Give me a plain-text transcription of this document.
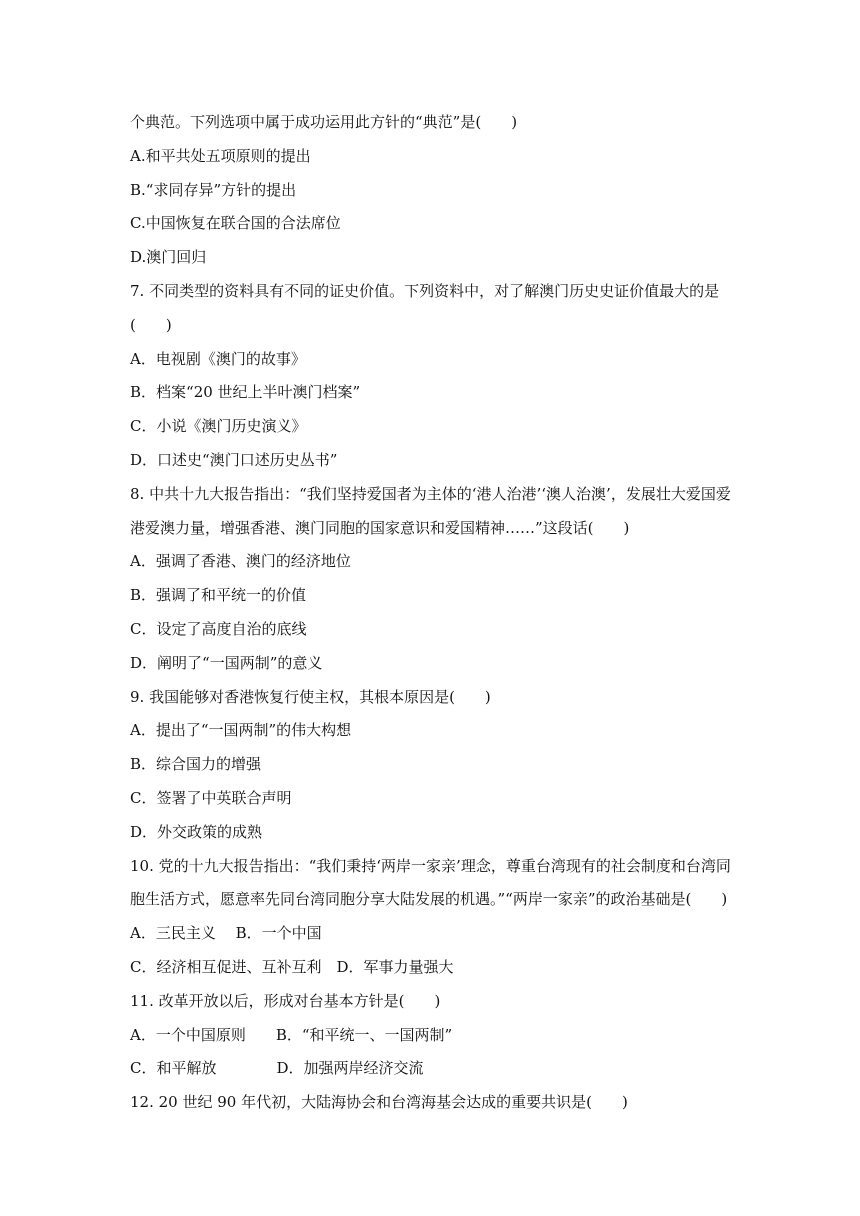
个典范。下列选项中属于成功运用此方针的“典范”是(　　)
A.和平共处五项原则的提出
B.“求同存异”方针的提出
C.中国恢复在联合国的合法席位
D.澳门回归
7. 不同类型的资料具有不同的证史价值。下列资料中，对了解澳门历史史证价值最大的是
(　　)
A．电视剧《澳门的故事》
B．档案“20 世纪上半叶澳门档案”
C．小说《澳门历史演义》
D．口述史“澳门口述历史丛书”
8. 中共十九大报告指出：“我们坚持爱国者为主体的‘港人治港’‘澳人治澳’，发展壮大爱国爱
港爱澳力量，增强香港、澳门同胞的国家意识和爱国精神……”这段话(　　)
A．强调了香港、澳门的经济地位
B．强调了和平统一的价值
C．设定了高度自治的底线
D．阐明了“一国两制”的意义
9. 我国能够对香港恢复行使主权，其根本原因是(　　)
A．提出了“一国两制”的伟大构想
B．综合国力的增强
C．签署了中英联合声明
D．外交政策的成熟
10. 党的十九大报告指出：“我们秉持‘两岸一家亲’理念，尊重台湾现有的社会制度和台湾同
胞生活方式，愿意率先同台湾同胞分享大陆发展的机遇。”“两岸一家亲”的政治基础是(　　)
A．三民主义　 B．一个中国
C．经济相互促进、互补互利　D．军事力量强大
11. 改革开放以后，形成对台基本方针是(　　)
A．一个中国原则　　B．“和平统一、一国两制”
C．和平解放　　　　D．加强两岸经济交流
12. 20 世纪 90 年代初，大陆海协会和台湾海基会达成的重要共识是(　　)
